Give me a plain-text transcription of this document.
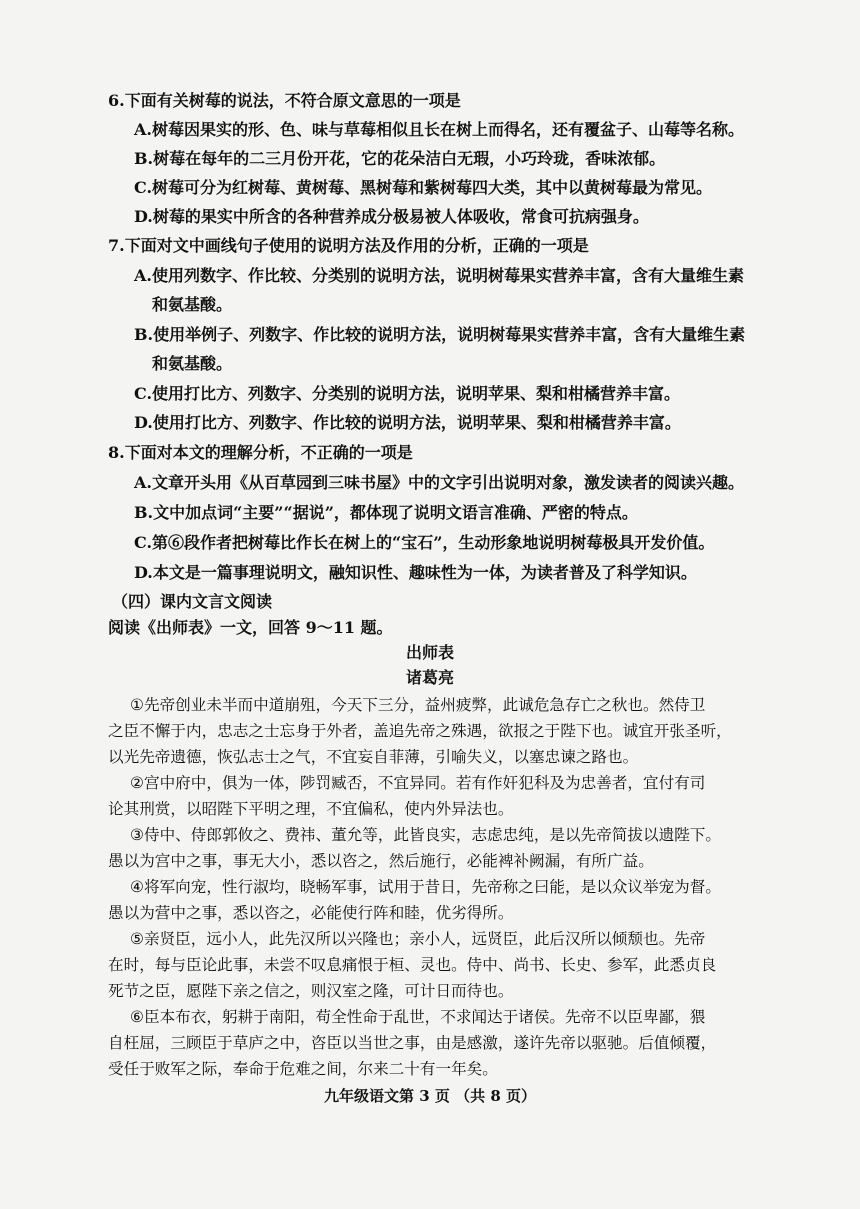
6.下面有关树莓的说法，不符合原文意思的一项是
A.树莓因果实的形、色、味与草莓相似且长在树上而得名，还有覆盆子、山莓等名称。
B.树莓在每年的二三月份开花，它的花朵洁白无瑕，小巧玲珑，香味浓郁。
C.树莓可分为红树莓、黄树莓、黑树莓和紫树莓四大类，其中以黄树莓最为常见。
D.树莓的果实中所含的各种营养成分极易被人体吸收，常食可抗病强身。
7.下面对文中画线句子使用的说明方法及作用的分析，正确的一项是
A.使用列数字、作比较、分类别的说明方法，说明树莓果实营养丰富，含有大量维生素
和氨基酸。
B.使用举例子、列数字、作比较的说明方法，说明树莓果实营养丰富，含有大量维生素
和氨基酸。
C.使用打比方、列数字、分类别的说明方法，说明苹果、梨和柑橘营养丰富。
D.使用打比方、列数字、作比较的说明方法，说明苹果、梨和柑橘营养丰富。
8.下面对本文的理解分析，不正确的一项是
A.文章开头用《从百草园到三味书屋》中的文字引出说明对象，激发读者的阅读兴趣。
B.文中加点词“主要”“据说”，都体现了说明文语言准确、严密的特点。
C.第⑥段作者把树莓比作长在树上的“宝石”，生动形象地说明树莓极具开发价值。
D.本文是一篇事理说明文，融知识性、趣味性为一体，为读者普及了科学知识。
（四）课内文言文阅读
阅读《出师表》一文，回答 9～11 题。
出师表
诸葛亮
①先帝创业未半而中道崩殂，今天下三分，益州疲弊，此诚危急存亡之秋也。然侍卫
之臣不懈于内，忠志之士忘身于外者，盖追先帝之殊遇，欲报之于陛下也。诚宜开张圣听，
以光先帝遗德，恢弘志士之气，不宜妄自菲薄，引喻失义，以塞忠谏之路也。
②宫中府中，俱为一体，陟罚臧否，不宜异同。若有作奸犯科及为忠善者，宜付有司
论其刑赏，以昭陛下平明之理，不宜偏私，使内外异法也。
③侍中、侍郎郭攸之、费祎、董允等，此皆良实，志虑忠纯，是以先帝简拔以遗陛下。
愚以为宫中之事，事无大小，悉以咨之，然后施行，必能裨补阙漏，有所广益。
④将军向宠，性行淑均，晓畅军事，试用于昔日，先帝称之曰能，是以众议举宠为督。
愚以为营中之事，悉以咨之，必能使行阵和睦，优劣得所。
⑤亲贤臣，远小人，此先汉所以兴隆也；亲小人，远贤臣，此后汉所以倾颓也。先帝
在时，每与臣论此事，未尝不叹息痛恨于桓、灵也。侍中、尚书、长史、参军，此悉贞良
死节之臣，愿陛下亲之信之，则汉室之隆，可计日而待也。
⑥臣本布衣，躬耕于南阳，苟全性命于乱世，不求闻达于诸侯。先帝不以臣卑鄙，猥
自枉屈，三顾臣于草庐之中，咨臣以当世之事，由是感激，遂许先帝以驱驰。后值倾覆，
受任于败军之际，奉命于危难之间，尔来二十有一年矣。
九年级语文第 3 页 （共 8 页）
